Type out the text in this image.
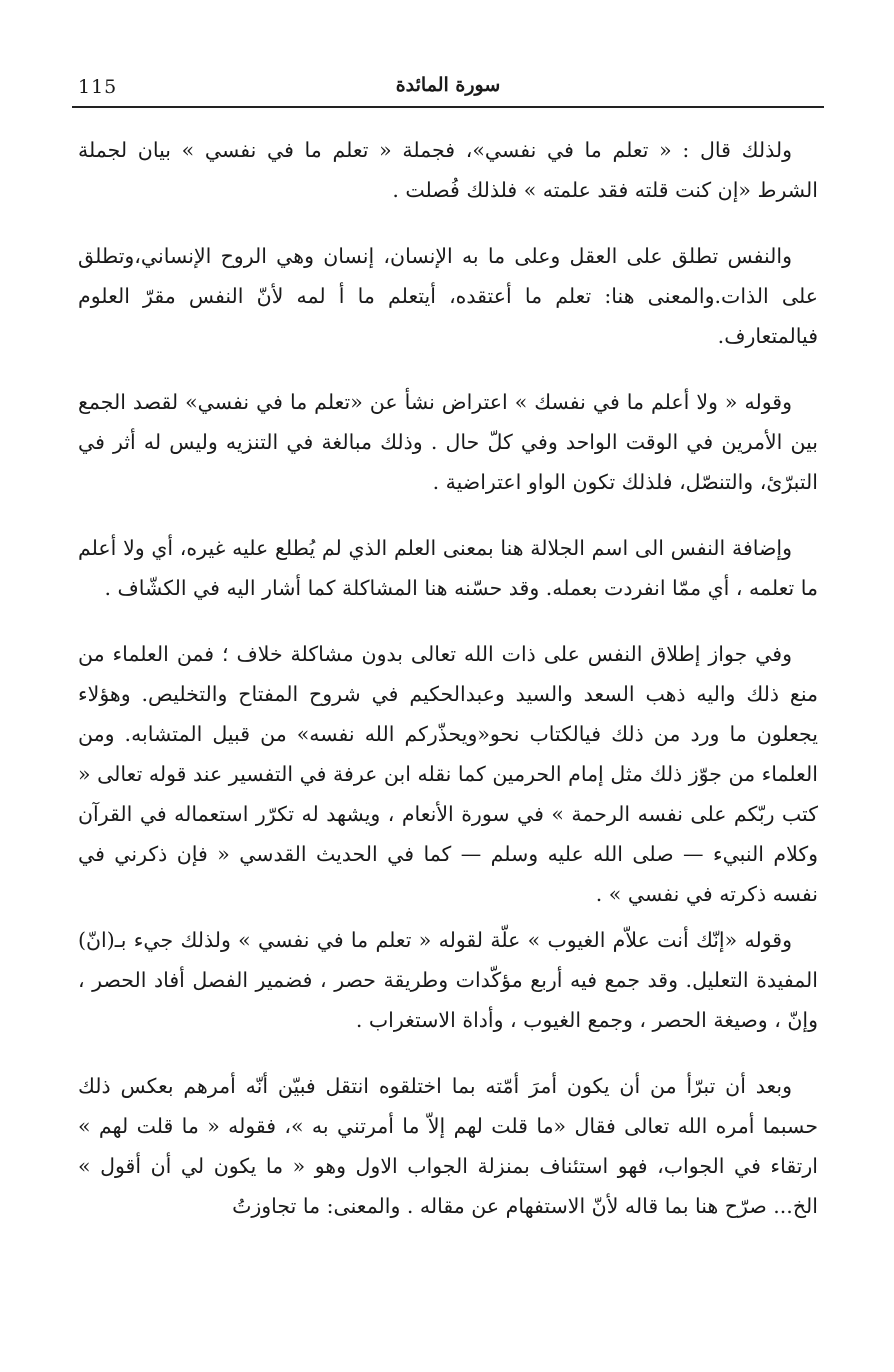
115	سورة المائدة

ولذلك قال : « تعلم ما في نفسي»، فجملة « تعلم ما في نفسي » بيان لجملة الشرط «إن كنت قلته فقد علمته » فلذلك فُصلت .

والنفس تطلق على العقل وعلى ما به الإنسان، إنسان وهي الروح الإنساني،وتطلق على الذات.والمعنى هنا: تعلم ما أعتقده، أيتعلم ما أ لمه لأنّ النفس مقرّ العلوم فيالمتعارف.

وقوله « ولا أعلم ما في نفسك » اعتراض نشأ عن «تعلم ما في نفسي» لقصد الجمع بين الأمرين في الوقت الواحد وفي كلّ حال . وذلك مبالغة في التنزيه وليس له أثر في التبرّئ، والتنصّل، فلذلك تكون الواو اعتراضية .

وإضافة النفس الى اسم الجلالة هنا بمعنى العلم الذي لم يُطلع عليه غيره، أي ولا أعلم ما تعلمه ، أي ممّا انفردت بعمله. وقد حسّنه هنا المشاكلة كما أشار اليه في الكشّاف .

وفي جواز إطلاق النفس على ذات الله تعالى بدون مشاكلة خلاف ؛ فمن العلماء من منع ذلك واليه ذهب السعد والسيد وعبدالحكيم في شروح المفتاح والتخليص. وهؤلاء يجعلون ما ورد من ذلك فيالكتاب نحو«ويحذّركم الله نفسه» من قبيل المتشابه. ومن العلماء من جوّز ذلك مثل إمام الحرمين كما نقله ابن عرفة في التفسير عند قوله تعالى « كتب ربّكم على نفسه الرحمة » في سورة الأنعام ، ويشهد له تكرّر استعماله في القرآن وكلام النبيء — صلى الله عليه وسلم — كما في الحديث القدسي « فإن ذكرني في نفسه ذكرته في نفسي » .

وقوله «إنّك أنت علاّم الغيوب » علّة لقوله « تعلم ما في نفسي » ولذلك جيء بـ(انّ) المفيدة التعليل. وقد جمع فيه أربع مؤكّدات وطريقة حصر ، فضمير الفصل أفاد الحصر ، وإنّ ، وصيغة الحصر ، وجمع الغيوب ، وأداة الاستغراب .

وبعد أن تبرّأ من أن يكون أمرَ أمّته بما اختلقوه انتقل فبيّن أنّه أمرهم بعكس ذلك حسبما أمره الله تعالى فقال «ما قلت لهم إلاّ ما أمرتني به »، فقوله « ما قلت لهم » ارتقاء في الجواب، فهو استئناف بمنزلة الجواب الاول وهو « ما يكون لي أن أقول » الخ... صرّح هنا بما قاله لأنّ الاستفهام عن مقاله . والمعنى: ما تجاوزتُ
